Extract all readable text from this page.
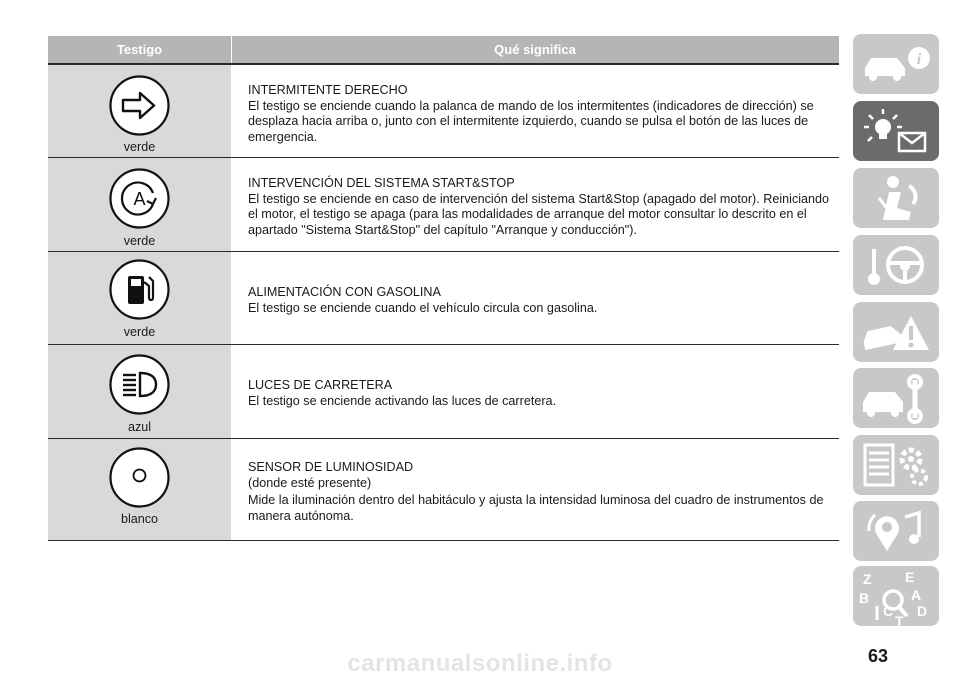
Testigo	Qué significa
verde

INTERMITENTE DERECHO

El testigo se enciende cuando la palanca de mando de los intermitentes (indicadores de dirección) se desplaza hacia arriba o, junto con el intermitente izquierdo, cuando se pulsa el botón de las luces de emergencia.

A
verde

INTERVENCIÓN DEL SISTEMA START&STOP

El testigo se enciende en caso de intervención del sistema Start&Stop (apagado del motor). Reiniciando el motor, el testigo se apaga (para las modalidades de arranque del motor consultar lo descrito en el apartado "Sistema Start&Stop" del capítulo "Arranque y conducción").

verde

ALIMENTACIÓN CON GASOLINA

El testigo se enciende cuando el vehículo circula con gasolina.

azul

LUCES DE CARRETERA

El testigo se enciende activando las luces de carretera.

blanco

SENSOR DE LUMINOSIDAD

(donde esté presente)

Mide la iluminación dentro del habitáculo y ajusta la intensidad luminosa del cuadro de instrumentos de manera autónoma.

i
Z E
A
B
C D
T
63
carmanualsonline.info
